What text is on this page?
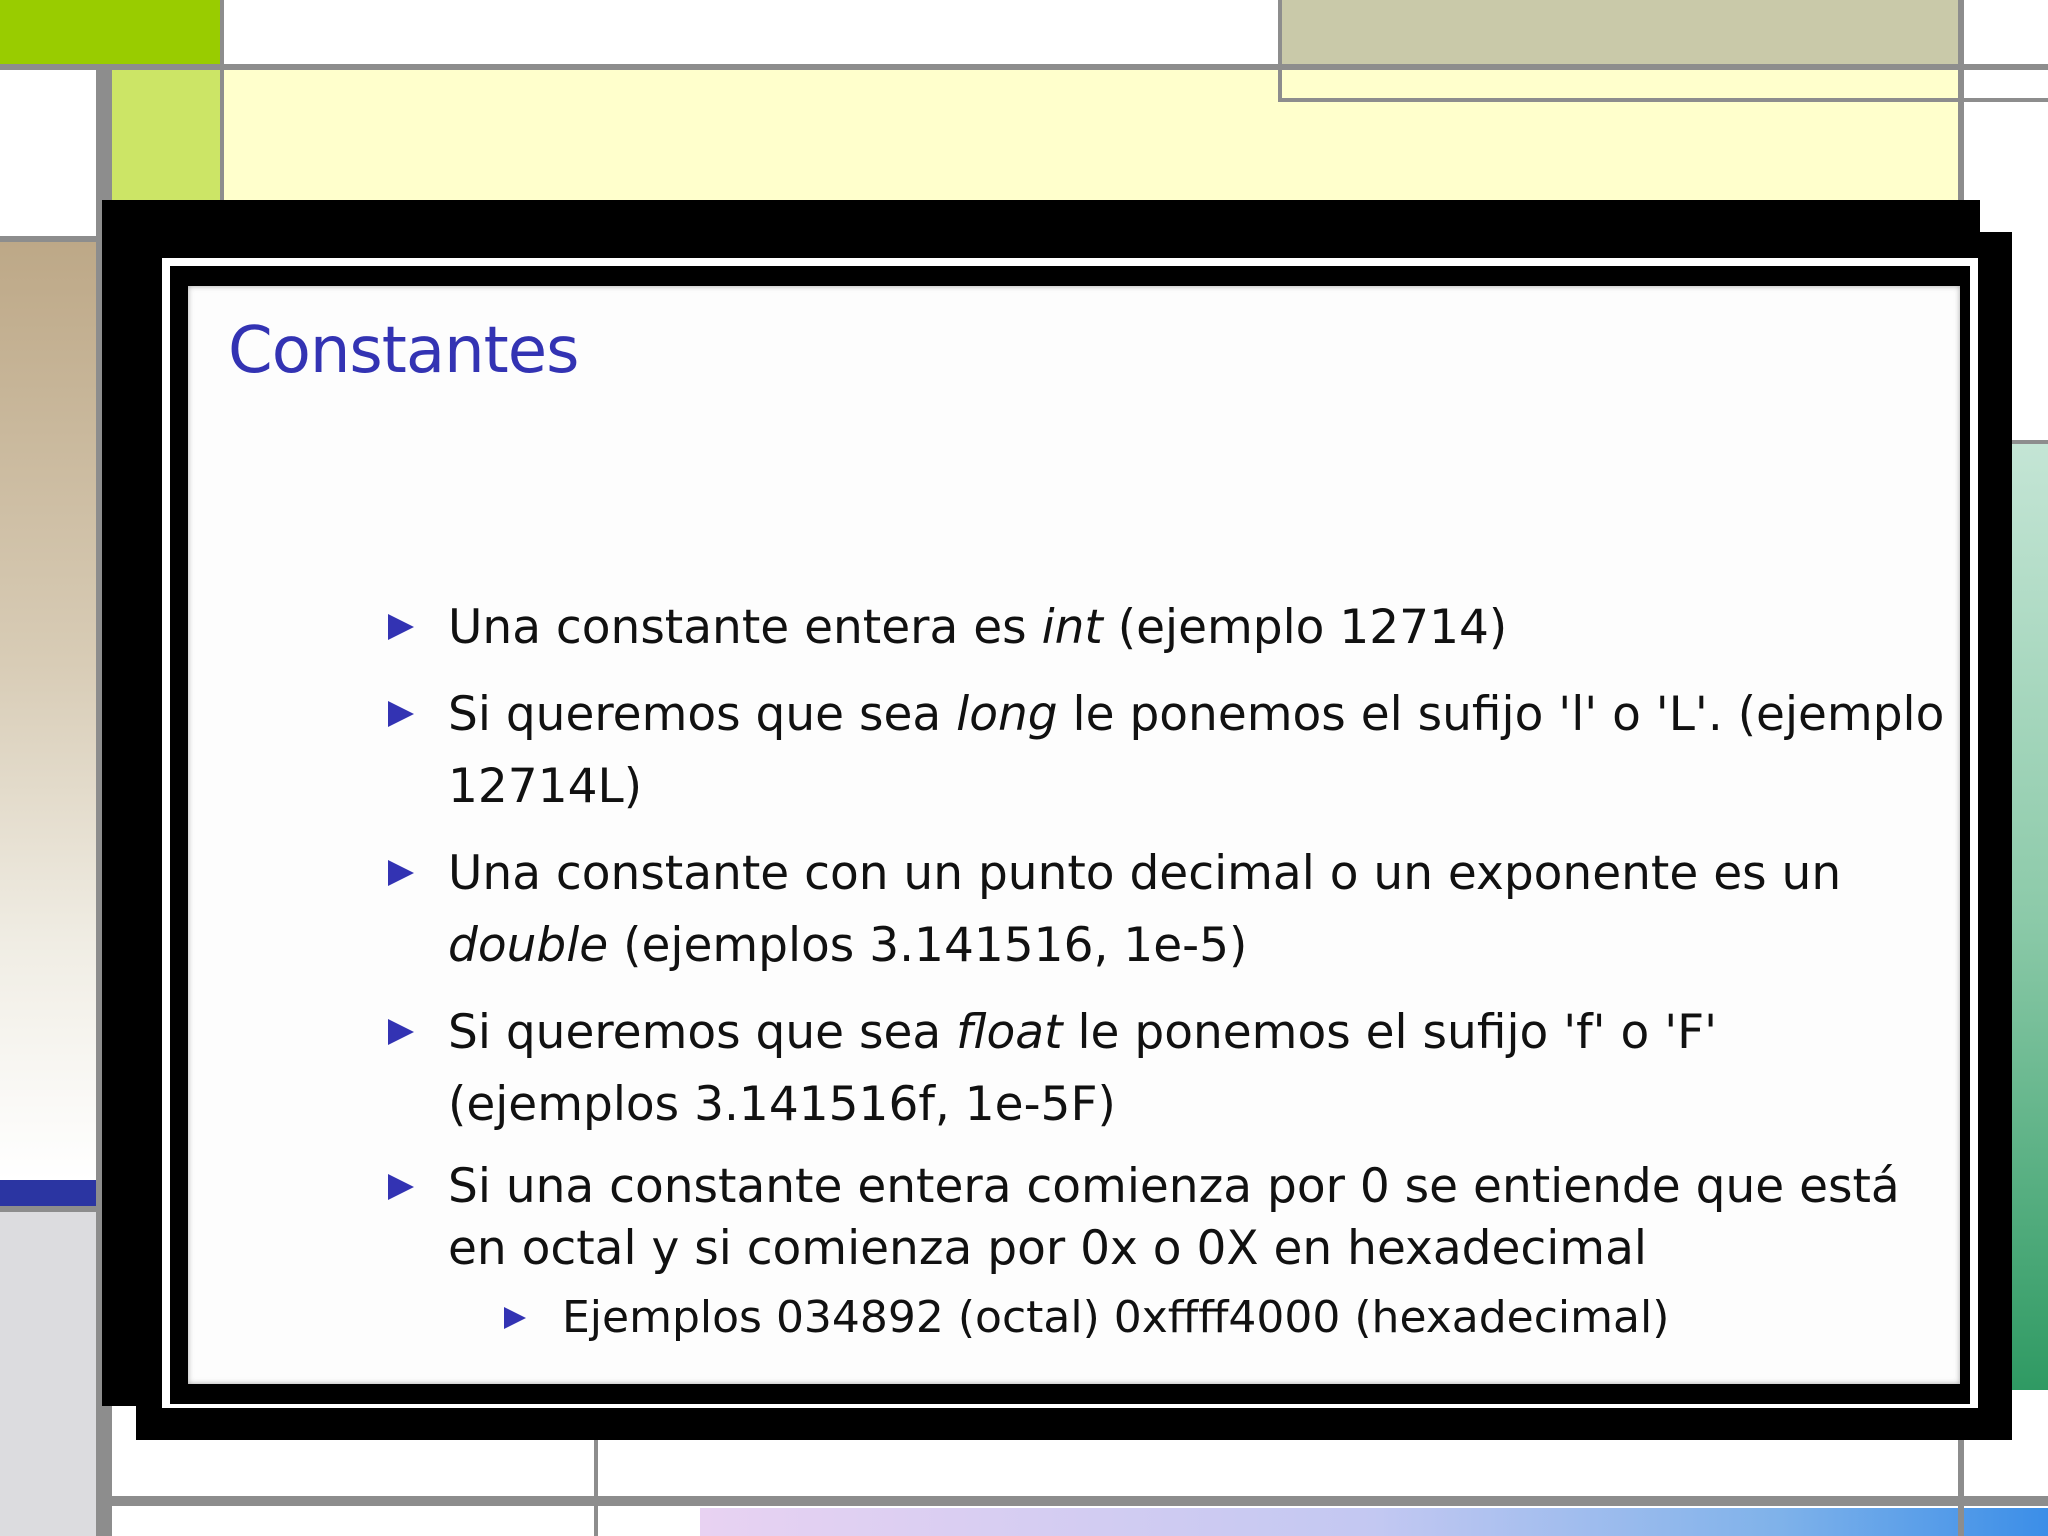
Constantes
Una constante entera es int (ejemplo 12714)
Si queremos que sea long le ponemos el sufijo 'l' o 'L'. (ejemplo 12714L)
Una constante con un punto decimal o un exponente es un double (ejemplos 3.141516, 1e-5)
Si queremos que sea float le ponemos el sufijo 'f' o 'F' (ejemplos 3.141516f, 1e-5F)
Si una constante entera comienza por 0 se entiende que está en octal y si comienza por 0x o 0X en hexadecimal
Ejemplos 034892 (octal) 0xffff4000 (hexadecimal)
